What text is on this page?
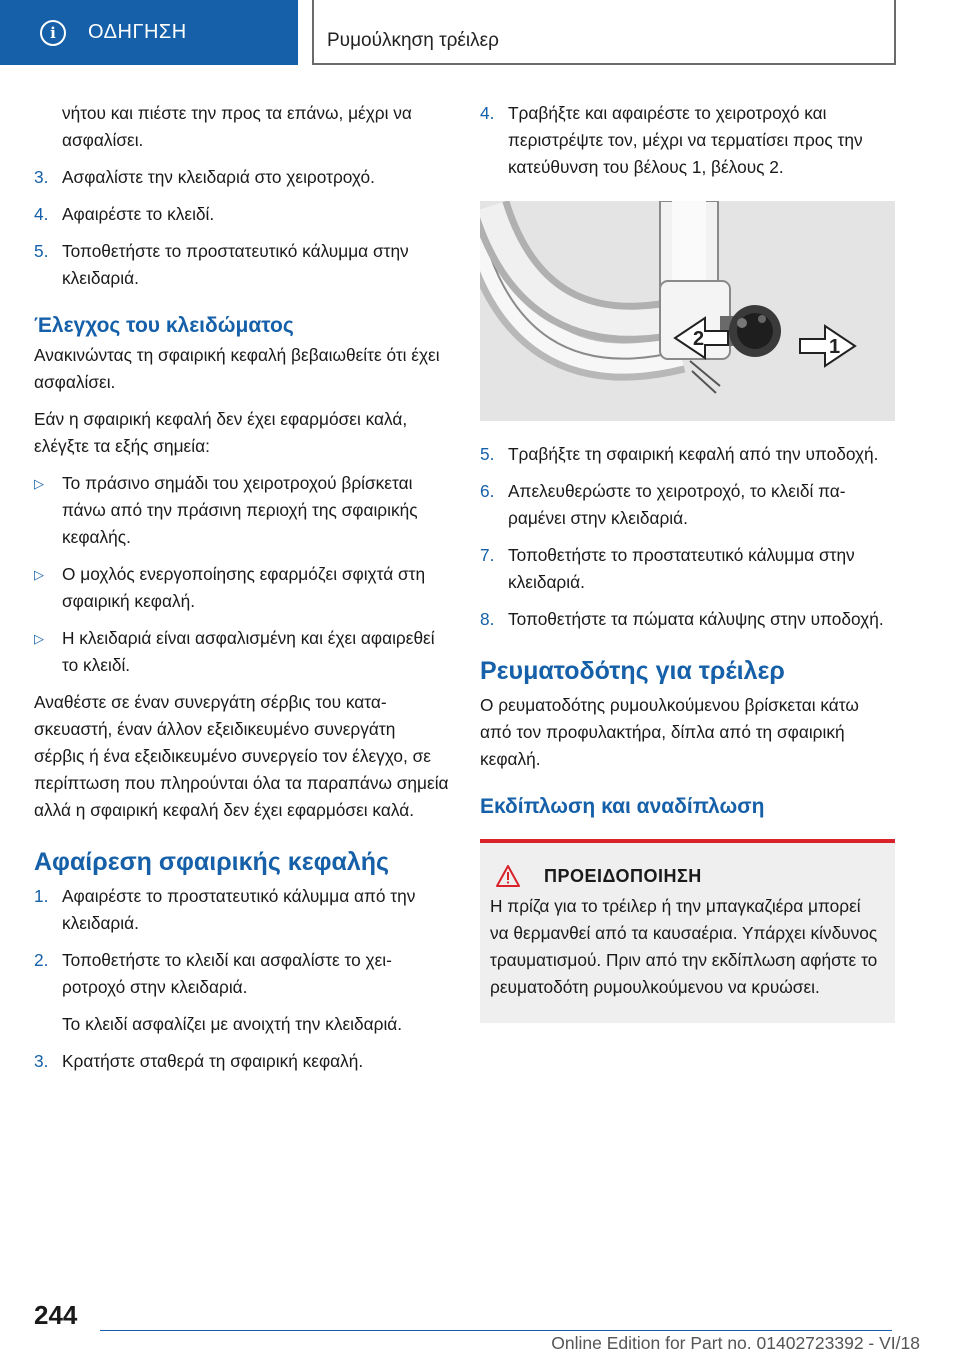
i	ΟΔΗΓΗΣΗ	Ρυμούλκηση τρέιλερ

νήτου και πιέστε την προς τα επάνω, μέχρι να ασφαλίσει.

3. Ασφαλίστε την κλειδαριά στο χειροτροχό.
4. Αφαιρέστε το κλειδί.
5. Τοποθετήστε το προστατευτικό κάλυμμα στην κλειδαριά.
Έλεγχος του κλειδώματος

Ανακινώντας τη σφαιρική κεφαλή βεβαιωθείτε ότι έχει ασφαλίσει.

Εάν η σφαιρική κεφαλή δεν έχει εφαρμόσει καλά, ελέγξτε τα εξής σημεία:

▷	Το πράσινο σημάδι του χειροτροχού βρίσκεται πάνω από την πράσινη περιοχή της σφαιρικής κεφαλής.
▷	Ο μοχλός ενεργοποίησης εφαρμόζει σφιχτά στη σφαιρική κεφαλή.
▷	Η κλειδαριά είναι ασφαλισμένη και έχει αφαιρεθεί το κλειδί.

Αναθέστε σε έναν συνεργάτη σέρβις του κατασκευαστή, έναν άλλον εξειδικευμένο συνεργάτη σέρβις ή ένα εξειδικευμένο συνεργείο τον έλεγχο, σε περίπτωση που πληρούνται όλα τα παραπάνω σημεία αλλά η σφαιρική κεφαλή δεν έχει εφαρμόσει καλά.

Αφαίρεση σφαιρικής κεφαλής
1. Αφαιρέστε το προστατευτικό κάλυμμα από την κλειδαριά.
2. Τοποθετήστε το κλειδί και ασφαλίστε το χειροτροχό στην κλειδαριά.

Το κλειδί ασφαλίζει με ανοιχτή την κλειδαριά.

3. Κρατήστε σταθερά τη σφαιρική κεφαλή.
4. Τραβήξτε και αφαιρέστε το χειροτροχό και περιστρέψτε τον, μέχρι να τερματίσει προς την κατεύθυνση του βέλους 1, βέλους 2.
1
2
5. Τραβήξτε τη σφαιρική κεφαλή από την υποδοχή.
6. Απελευθερώστε το χειροτροχό, το κλειδί παραμένει στην κλειδαριά.
7. Τοποθετήστε το προστατευτικό κάλυμμα στην κλειδαριά.
8. Τοποθετήστε τα πώματα κάλυψης στην υποδοχή.
Ρευματοδότης για τρέιλερ

Ο ρευματοδότης ρυμουλκούμενου βρίσκεται κάτω από τον προφυλακτήρα, δίπλα από τη σφαιρική κεφαλή.

Εκδίπλωση και αναδίπλωση
ΠΡΟΕΙΔΟΠΟΙΗΣΗ

Η πρίζα για το τρέιλερ ή την μπαγκαζιέρα μπορεί να θερμανθεί από τα καυσαέρια. Υπάρχει κίνδυνος τραυματισμού. Πριν από την εκδίπλωση αφήστε το ρευματοδότη ρυμουλκούμενου να κρυώσει.

244
Online Edition for Part no. 01402723392 - VI/18
